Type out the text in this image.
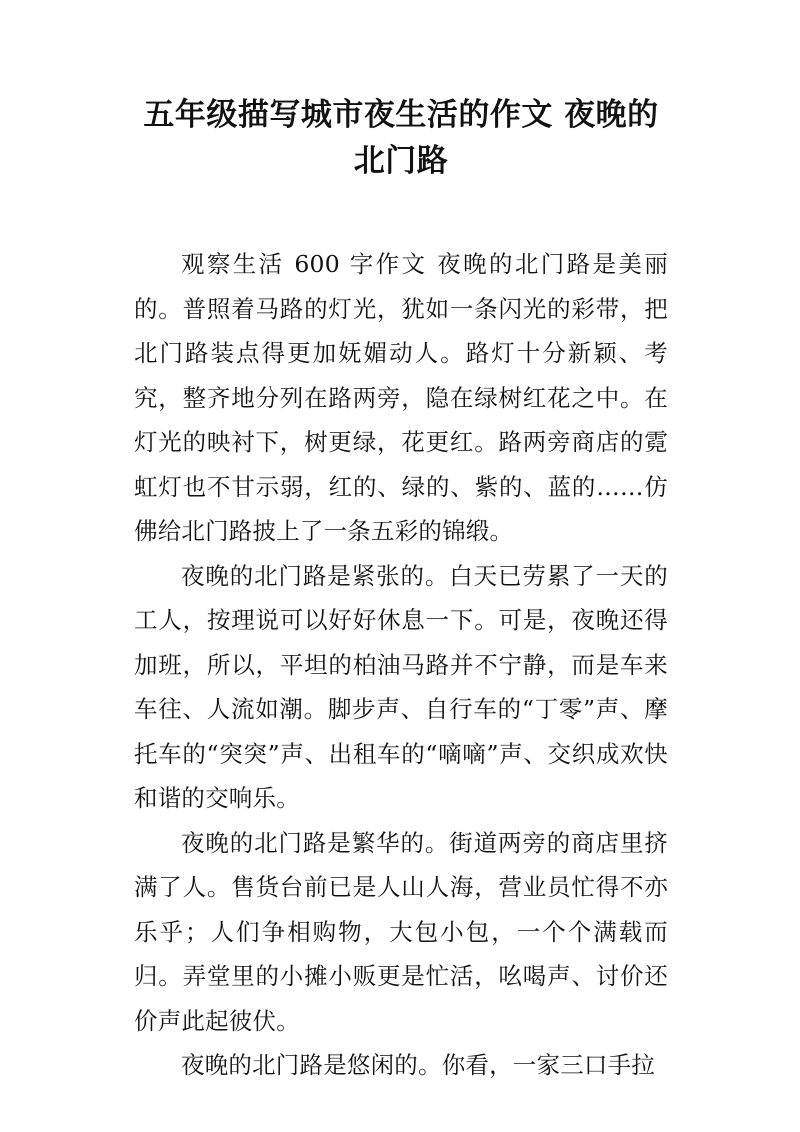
五年级描写城市夜生活的作文 夜晚的
北门路

观察生活 600 字作文 夜晚的北门路是美丽的。普照着马路的灯光，犹如一条闪光的彩带，把北门路装点得更加妩媚动人。路灯十分新颖、考究，整齐地分列在路两旁，隐在绿树红花之中。在灯光的映衬下，树更绿，花更红。路两旁商店的霓虹灯也不甘示弱，红的、绿的、紫的、蓝的……仿佛给北门路披上了一条五彩的锦缎。

夜晚的北门路是紧张的。白天已劳累了一天的工人，按理说可以好好休息一下。可是，夜晚还得加班，所以，平坦的柏油马路并不宁静，而是车来车往、人流如潮。脚步声、自行车的“丁零”声、摩托车的“突突”声、出租车的“嘀嘀”声、交织成欢快和谐的交响乐。

夜晚的北门路是繁华的。街道两旁的商店里挤满了人。售货台前已是人山人海，营业员忙得不亦乐乎；人们争相购物，大包小包，一个个满载而归。弄堂里的小摊小贩更是忙活，吆喝声、讨价还价声此起彼伏。

夜晚的北门路是悠闲的。你看，一家三口手拉
